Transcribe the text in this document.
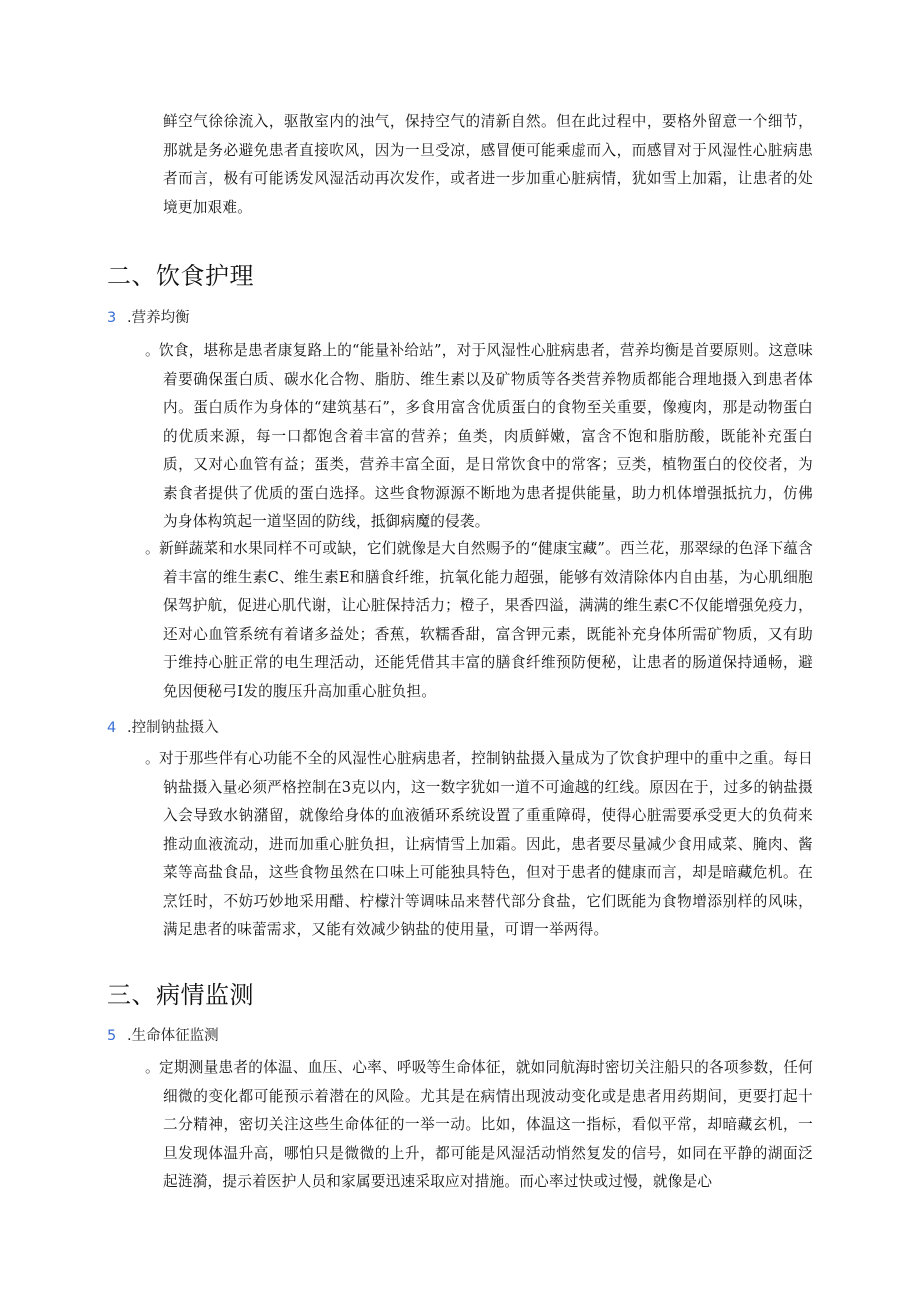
鲜空气徐徐流入，驱散室内的浊气，保持空气的清新自然。但在此过程中，要格外留意一个细节，那就是务必避免患者直接吹风，因为一旦受凉，感冒便可能乘虚而入，而感冒对于风湿性心脏病患者而言，极有可能诱发风湿活动再次发作，或者进一步加重心脏病情，犹如雪上加霜，让患者的处境更加艰难。

二、饮食护理

3 .营养均衡

。饮食，堪称是患者康复路上的“能量补给站”，对于风湿性心脏病患者，营养均衡是首要原则。这意味着要确保蛋白质、碳水化合物、脂肪、维生素以及矿物质等各类营养物质都能合理地摄入到患者体内。蛋白质作为身体的“建筑基石”，多食用富含优质蛋白的食物至关重要，像瘦肉，那是动物蛋白的优质来源，每一口都饱含着丰富的营养；鱼类，肉质鲜嫩，富含不饱和脂肪酸，既能补充蛋白质，又对心血管有益；蛋类，营养丰富全面，是日常饮食中的常客；豆类，植物蛋白的佼佼者，为素食者提供了优质的蛋白选择。这些食物源源不断地为患者提供能量，助力机体增强抵抗力，仿佛为身体构筑起一道坚固的防线，抵御病魔的侵袭。

。新鲜蔬菜和水果同样不可或缺，它们就像是大自然赐予的“健康宝藏”。西兰花，那翠绿的色泽下蕴含着丰富的维生素C、维生素E和膳食纤维，抗氧化能力超强，能够有效清除体内自由基，为心肌细胞保驾护航，促进心肌代谢，让心脏保持活力；橙子，果香四溢，满满的维生素C不仅能增强免疫力，还对心血管系统有着诸多益处；香蕉，软糯香甜，富含钾元素，既能补充身体所需矿物质，又有助于维持心脏正常的电生理活动，还能凭借其丰富的膳食纤维预防便秘，让患者的肠道保持通畅，避免因便秘弓I发的腹压升高加重心脏负担。

4 .控制钠盐摄入

。对于那些伴有心功能不全的风湿性心脏病患者，控制钠盐摄入量成为了饮食护理中的重中之重。每日钠盐摄入量必须严格控制在3克以内，这一数字犹如一道不可逾越的红线。原因在于，过多的钠盐摄入会导致水钠潴留，就像给身体的血液循环系统设置了重重障碍，使得心脏需要承受更大的负荷来推动血液流动，进而加重心脏负担，让病情雪上加霜。因此，患者要尽量减少食用咸菜、腌肉、酱菜等高盐食品，这些食物虽然在口味上可能独具特色，但对于患者的健康而言，却是暗藏危机。在烹饪时，不妨巧妙地采用醋、柠檬汁等调味品来替代部分食盐，它们既能为食物增添别样的风味，满足患者的味蕾需求，又能有效减少钠盐的使用量，可谓一举两得。

三、病情监测

5 .生命体征监测

。定期测量患者的体温、血压、心率、呼吸等生命体征，就如同航海时密切关注船只的各项参数，任何细微的变化都可能预示着潜在的风险。尤其是在病情出现波动变化或是患者用药期间，更要打起十二分精神，密切关注这些生命体征的一举一动。比如，体温这一指标，看似平常，却暗藏玄机，一旦发现体温升高，哪怕只是微微的上升，都可能是风湿活动悄然复发的信号，如同在平静的湖面泛起涟漪，提示着医护人员和家属要迅速采取应对措施。而心率过快或过慢，就像是心
